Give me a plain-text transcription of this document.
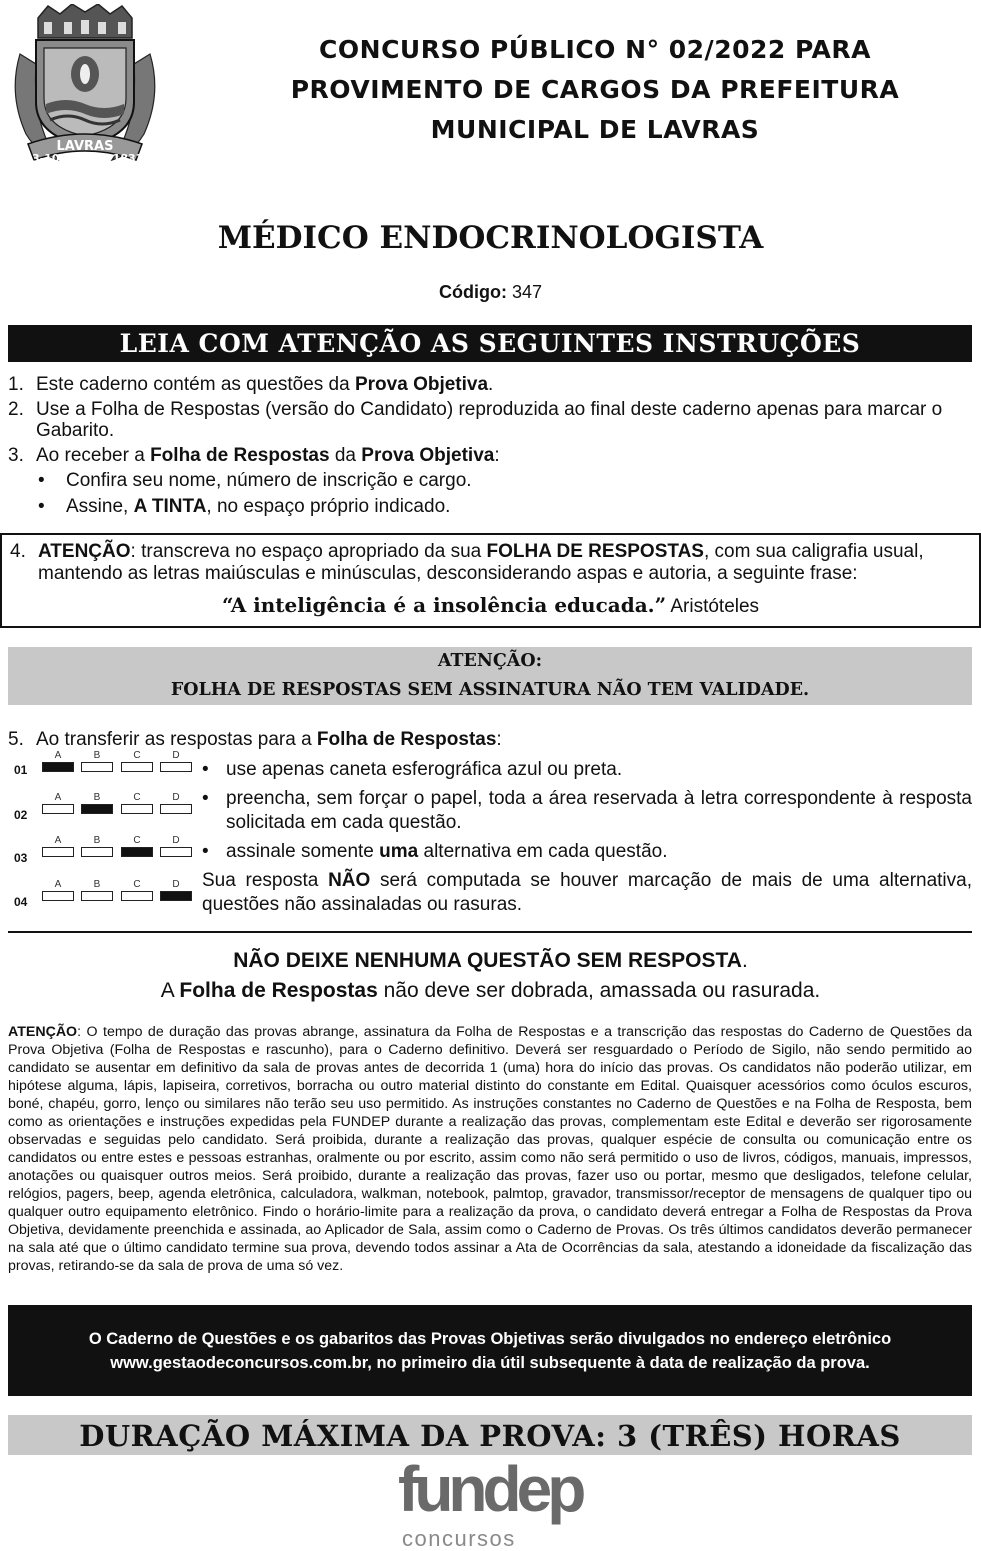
LAVRAS
13-10	1831
CONCURSO PÚBLICO N° 02/2022 PARA
PROVIMENTO DE CARGOS DA PREFEITURA
MUNICIPAL DE LAVRAS
MÉDICO ENDOCRINOLOGISTA
Código: 347
LEIA COM ATENÇÃO AS SEGUINTES INSTRUÇÕES
1. Este caderno contém as questões da Prova Objetiva.
2. Use a Folha de Respostas (versão do Candidato) reproduzida ao final deste caderno apenas para marcar o Gabarito.
3. Ao receber a Folha de Respostas da Prova Objetiva:
•	Confira seu nome, número de inscrição e cargo.
•	Assine, A TINTA, no espaço próprio indicado.
4. ATENÇÃO: transcreva no espaço apropriado da sua FOLHA DE RESPOSTAS, com sua caligrafia usual, mantendo as letras maiúsculas e minúsculas, desconsiderando aspas e autoria, a seguinte frase:
“A inteligência é a insolência educada.” Aristóteles
ATENÇÃO:
FOLHA DE RESPOSTAS SEM ASSINATURA NÃO TEM VALIDADE.
5. Ao transferir as respostas para a Folha de Respostas:
01
A	B	C	D
02
A	B	C	D
03
A	B	C	D
04
A	B	C	D
• use apenas caneta esferográfica azul ou preta.
• preencha, sem forçar o papel, toda a área reservada à letra correspondente à resposta solicitada em cada questão.
• assinale somente uma alternativa em cada questão.
Sua resposta NÃO será computada se houver marcação de mais de uma alternativa, questões não assinaladas ou rasuras.
NÃO DEIXE NENHUMA QUESTÃO SEM RESPOSTA.
A Folha de Respostas não deve ser dobrada, amassada ou rasurada.
ATENÇÃO: O tempo de duração das provas abrange, assinatura da Folha de Respostas e a transcrição das respostas do Caderno de Questões da Prova Objetiva (Folha de Respostas e rascunho), para o Caderno definitivo. Deverá ser resguardado o Período de Sigilo, não sendo permitido ao candidato se ausentar em definitivo da sala de provas antes de decorrida 1 (uma) hora do início das provas. Os candidatos não poderão utilizar, em hipótese alguma, lápis, lapiseira, corretivos, borracha ou outro material distinto do constante em Edital. Quaisquer acessórios como óculos escuros, boné, chapéu, gorro, lenço ou similares não terão seu uso permitido. As instruções constantes no Caderno de Questões e na Folha de Resposta, bem como as orientações e instruções expedidas pela FUNDEP durante a realização das provas, complementam este Edital e deverão ser rigorosamente observadas e seguidas pelo candidato. Será proibida, durante a realização das provas, qualquer espécie de consulta ou comunicação entre os candidatos ou entre estes e pessoas estranhas, oralmente ou por escrito, assim como não será permitido o uso de livros, códigos, manuais, impressos, anotações ou quaisquer outros meios. Será proibido, durante a realização das provas, fazer uso ou portar, mesmo que desligados, telefone celular, relógios, pagers, beep, agenda eletrônica, calculadora, walkman, notebook, palmtop, gravador, transmissor/receptor de mensagens de qualquer tipo ou qualquer outro equipamento eletrônico. Findo o horário-limite para a realização da prova, o candidato deverá entregar a Folha de Respostas da Prova Objetiva, devidamente preenchida e assinada, ao Aplicador de Sala, assim como o Caderno de Provas. Os três últimos candidatos deverão permanecer na sala até que o último candidato termine sua prova, devendo todos assinar a Ata de Ocorrências da sala, atestando a idoneidade da fiscalização das provas, retirando-se da sala de prova de uma só vez.
O Caderno de Questões e os gabaritos das Provas Objetivas serão divulgados no endereço eletrônico
www.gestaodeconcursos.com.br, no primeiro dia útil subsequente à data de realização da prova.
DURAÇÃO MÁXIMA DA PROVA: 3 (TRÊS) HORAS
fundep
concursos
